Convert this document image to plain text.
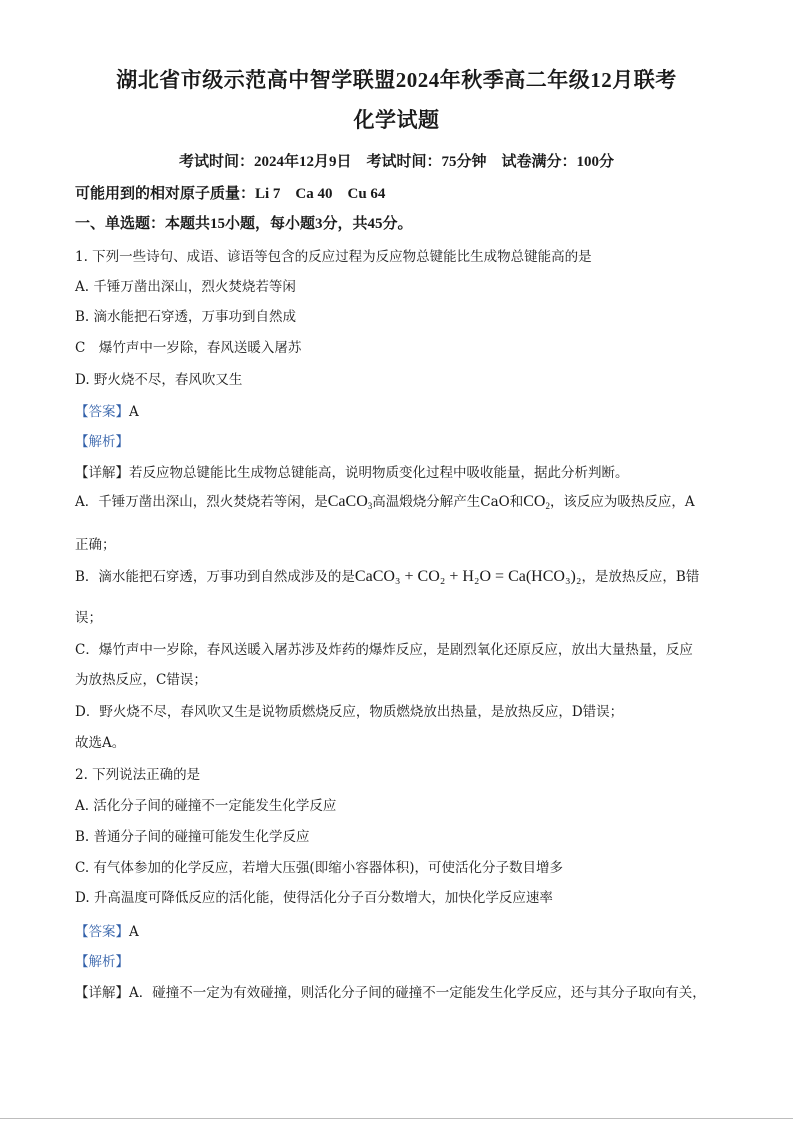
湖北省市级示范高中智学联盟2024年秋季高二年级12月联考
化学试题
考试时间：2024年12月9日　考试时间：75分钟　试卷满分：100分
可能用到的相对原子质量：Li 7　Ca 40　Cu 64
一、单选题：本题共15小题，每小题3分，共45分。
1. 下列一些诗句、成语、谚语等包含的反应过程为反应物总键能比生成物总键能高的是
A. 千锤万凿出深山，烈火焚烧若等闲
B. 滴水能把石穿透，万事功到自然成
C　爆竹声中一岁除，春风送暖入屠苏
D. 野火烧不尽，春风吹又生
【答案】A
【解析】
【详解】若反应物总键能比生成物总键能高，说明物质变化过程中吸收能量，据此分析判断。
A．千锤万凿出深山，烈火焚烧若等闲，是CaCO$_3$高温煅烧分解产生CaO和$CO_2$，该反应为吸热反应，A
正确；
B．滴水能把石穿透，万事功到自然成涉及的是CaCO₃ + CO₂ + H₂O = Ca(HCO₃)₂，是放热反应，B错
误；
C．爆竹声中一岁除，春风送暖入屠苏涉及炸药的爆炸反应，是剧烈氧化还原反应，放出大量热量，反应
为放热反应，C错误；
D．野火烧不尽，春风吹又生是说物质燃烧反应，物质燃烧放出热量，是放热反应，D错误；
故选A。
2. 下列说法正确的是
A. 活化分子间的碰撞不一定能发生化学反应
B. 普通分子间的碰撞可能发生化学反应
C. 有气体参加的化学反应，若增大压强(即缩小容器体积)，可使活化分子数目增多
D. 升高温度可降低反应的活化能，使得活化分子百分数增大，加快化学反应速率
【答案】A
【解析】
【详解】A．碰撞不一定为有效碰撞，则活化分子间的碰撞不一定能发生化学反应，还与其分子取向有关，
